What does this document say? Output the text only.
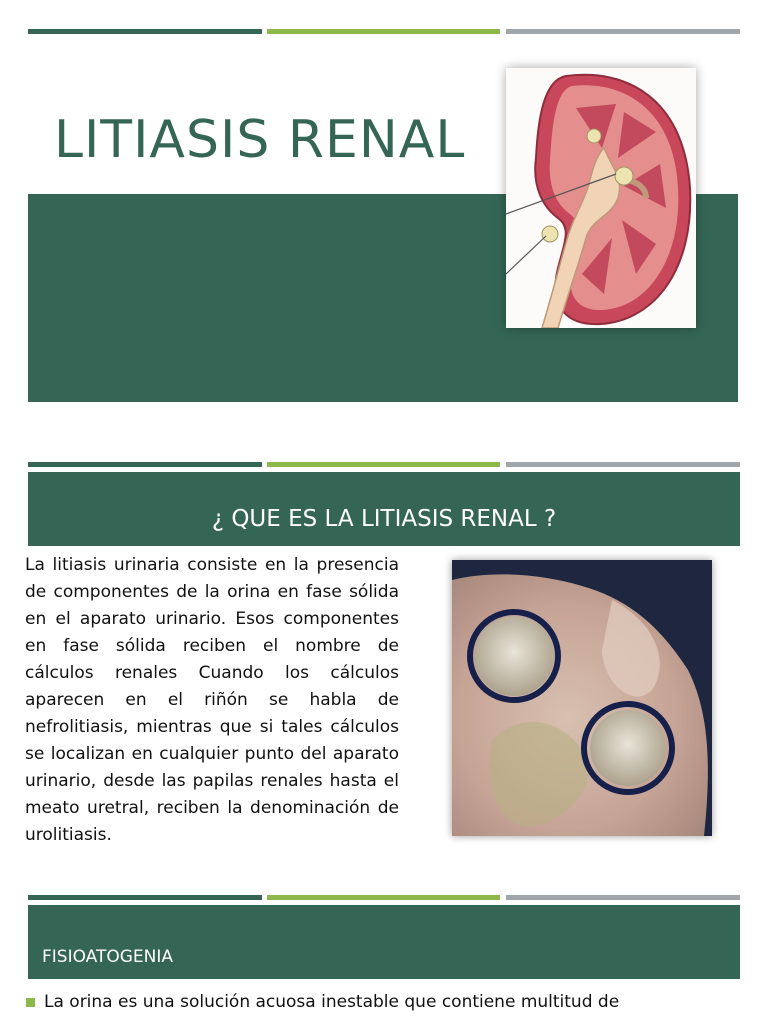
LITIASIS RENAL
¿ QUE ES LA LITIASIS RENAL ?

La litiasis urinaria consiste en la presencia de componentes de la orina en fase sólida en el aparato urinario. Esos componentes en fase sólida reciben el nombre de cálculos renales Cuando los cálculos aparecen en el riñón se habla de nefrolitiasis, mientras que si tales cálculos se localizan en cualquier punto del aparato urinario, desde las papilas renales hasta el meato uretral, reciben la denominación de urolitiasis.

FISIOATOGENIA

La orina es una solución acuosa inestable que contiene multitud de
